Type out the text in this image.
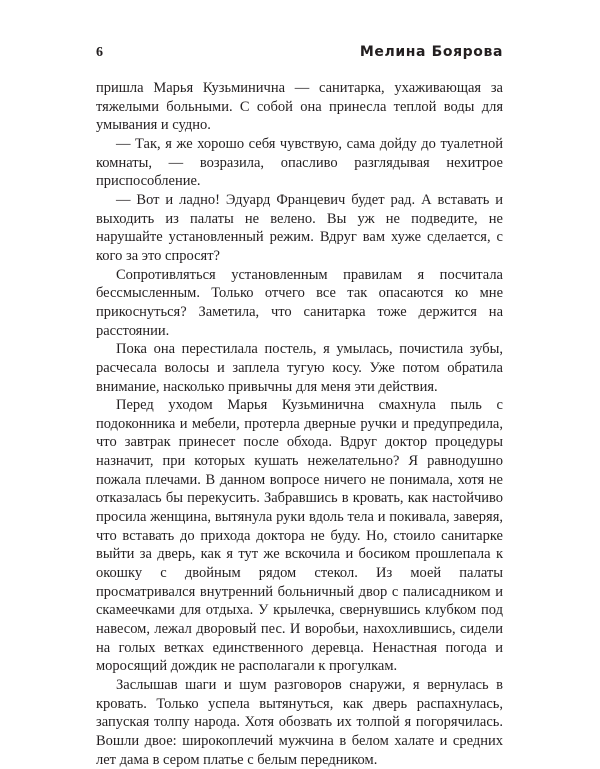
6	Мелина Боярова

пришла Марья Кузьминична — санитарка, ухаживающая за тяжелыми больными. С собой она принесла теплой воды для умывания и судно.

— Так, я же хорошо себя чувствую, сама дойду до туалетной комнаты, — возразила, опасливо разглядывая нехитрое приспособление.

— Вот и ладно! Эдуард Францевич будет рад. А вставать и выходить из палаты не велено. Вы уж не подведите, не нарушайте установленный режим. Вдруг вам хуже сделается, с кого за это спросят?

Сопротивляться установленным правилам я посчитала бессмысленным. Только отчего все так опасаются ко мне прикоснуться? Заметила, что санитарка тоже держится на расстоянии.

Пока она перестилала постель, я умылась, почистила зубы, расчесала волосы и заплела тугую косу. Уже потом обратила внимание, насколько привычны для меня эти действия.

Перед уходом Марья Кузьминична смахнула пыль с подоконника и мебели, протерла дверные ручки и предупредила, что завтрак принесет после обхода. Вдруг доктор процедуры назначит, при которых кушать нежелательно? Я равнодушно пожала плечами. В данном вопросе ничего не понимала, хотя не отказалась бы перекусить. Забравшись в кровать, как настойчиво просила женщина, вытянула руки вдоль тела и покивала, заверяя, что вставать до прихода доктора не буду. Но, стоило санитарке выйти за дверь, как я тут же вскочила и босиком прошлепала к окошку с двойным рядом стекол. Из моей палаты просматривался внутренний больничный двор с палисадником и скамеечками для отдыха. У крылечка, свернувшись клубком под навесом, лежал дворовый пес. И воробьи, нахохлившись, сидели на голых ветках единственного деревца. Ненастная погода и моросящий дождик не располагали к прогулкам.

Заслышав шаги и шум разговоров снаружи, я вернулась в кровать. Только успела вытянуться, как дверь распахнулась, запуская толпу народа. Хотя обозвать их толпой я погорячилась. Вошли двое: широкоплечий мужчина в белом халате и средних лет дама в сером платье с белым передником.
